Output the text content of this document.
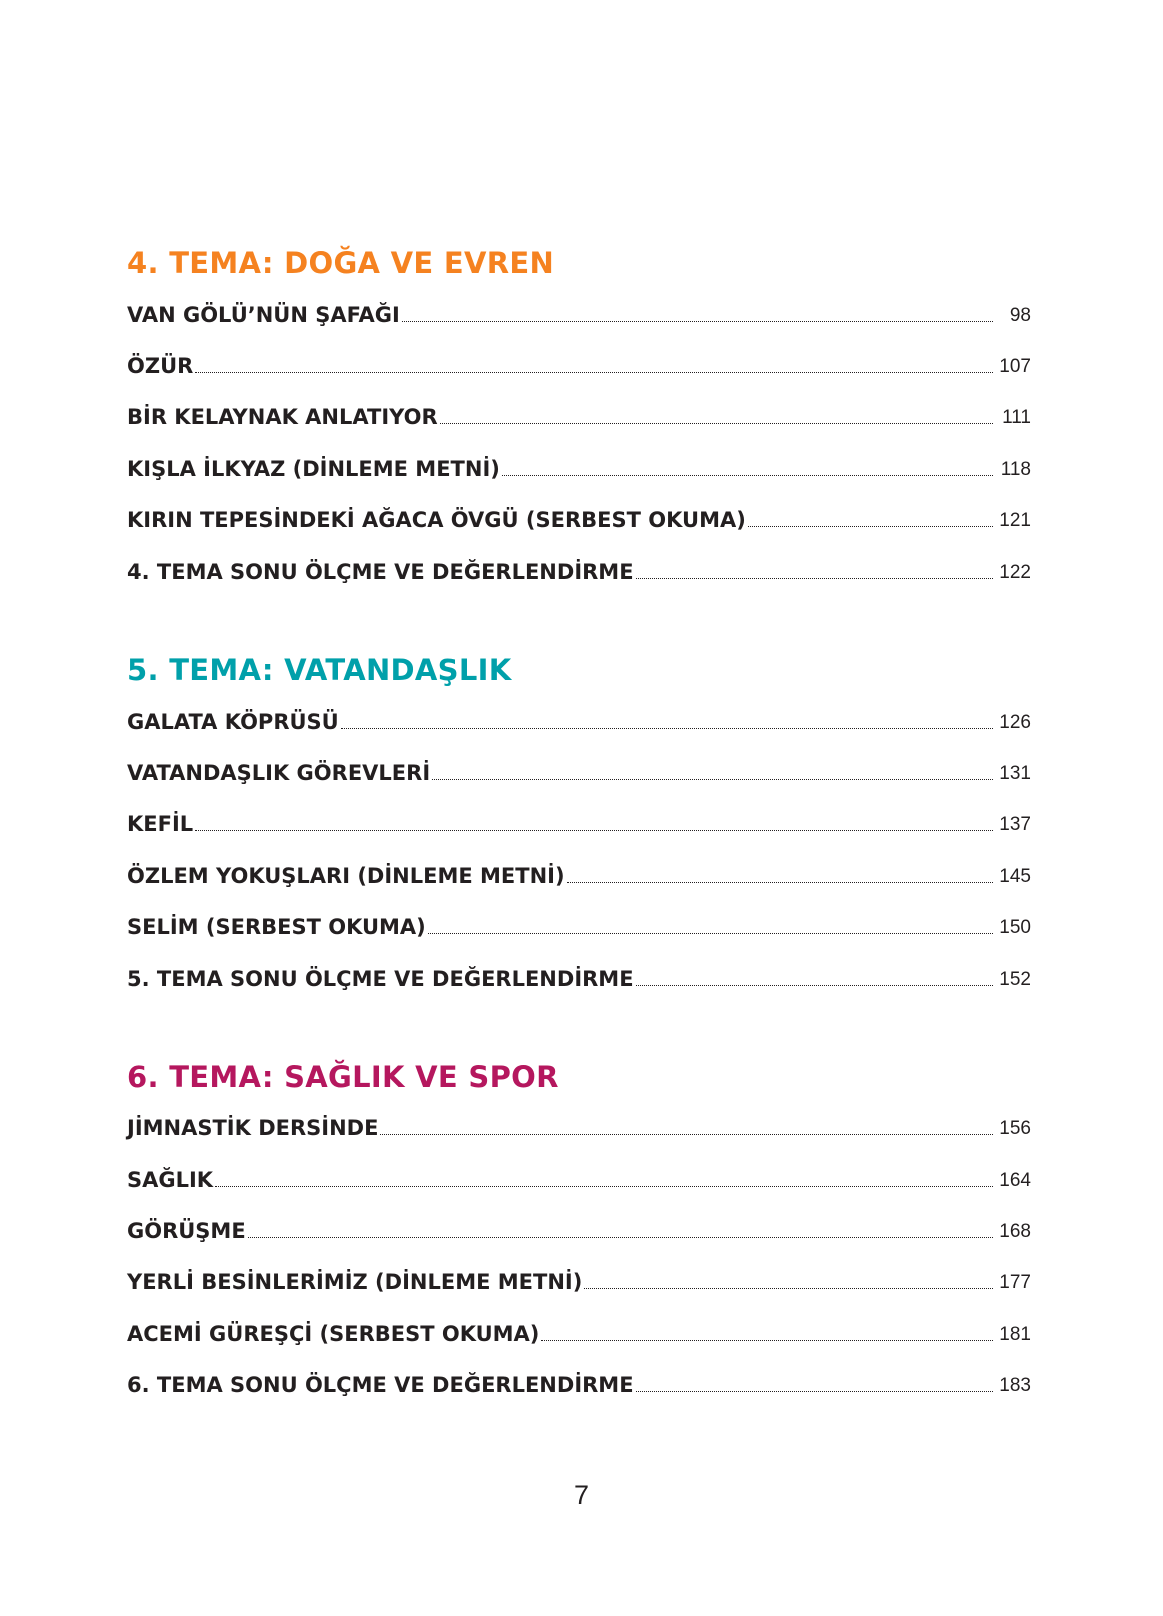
4. TEMA: DOĞA VE EVREN
VAN GÖLÜ’NÜN ŞAFAĞI	98
ÖZÜR	107
BİR KELAYNAK ANLATIYOR	111
KIŞLA İLKYAZ (DİNLEME METNİ)	118
KIRIN TEPESİNDEKİ AĞACA ÖVGÜ (SERBEST OKUMA)	121
4. TEMA SONU ÖLÇME VE DEĞERLENDİRME	122
5. TEMA: VATANDAŞLIK
GALATA KÖPRÜSÜ	126
VATANDAŞLIK GÖREVLERİ	131
KEFİL	137
ÖZLEM YOKUŞLARI (DİNLEME METNİ)	145
SELİM (SERBEST OKUMA)	150
5. TEMA SONU ÖLÇME VE DEĞERLENDİRME	152
6. TEMA: SAĞLIK VE SPOR
JİMNASTİK DERSİNDE	156
SAĞLIK	164
GÖRÜŞME	168
YERLİ BESİNLERİMİZ (DİNLEME METNİ)	177
ACEMİ GÜREŞÇİ (SERBEST OKUMA)	181
6. TEMA SONU ÖLÇME VE DEĞERLENDİRME	183
7
